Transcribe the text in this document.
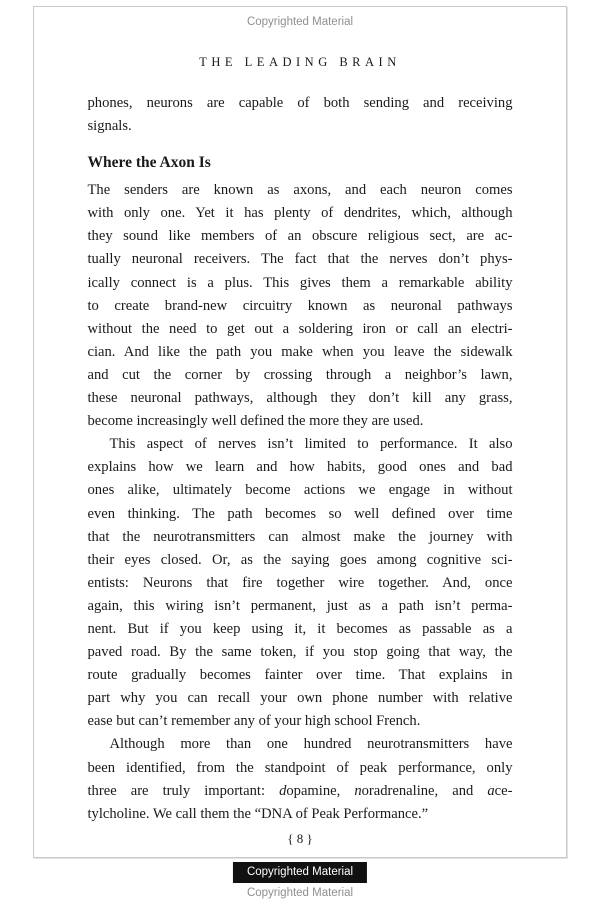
Copyrighted Material
THE LEADING BRAIN
phones, neurons are capable of both sending and receiving
signals.
Where the Axon Is
The senders are known as axons, and each neuron comes
with only one. Yet it has plenty of dendrites, which, although
they sound like members of an obscure religious sect, are ac-
tually neuronal receivers. The fact that the nerves don’t phys-
ically connect is a plus. This gives them a remarkable ability
to create brand-new circuitry known as neuronal pathways
without the need to get out a soldering iron or call an electri-
cian. And like the path you make when you leave the sidewalk
and cut the corner by crossing through a neighbor’s lawn,
these neuronal pathways, although they don’t kill any grass,
become increasingly well defined the more they are used.
This aspect of nerves isn’t limited to performance. It also
explains how we learn and how habits, good ones and bad
ones alike, ultimately become actions we engage in without
even thinking. The path becomes so well defined over time
that the neurotransmitters can almost make the journey with
their eyes closed. Or, as the saying goes among cognitive sci-
entists: Neurons that fire together wire together. And, once
again, this wiring isn’t permanent, just as a path isn’t perma-
nent. But if you keep using it, it becomes as passable as a
paved road. By the same token, if you stop going that way, the
route gradually becomes fainter over time. That explains in
part why you can recall your own phone number with relative
ease but can’t remember any of your high school French.
Although more than one hundred neurotransmitters have
been identified, from the standpoint of peak performance, only
three are truly important: dopamine, noradrenaline, and ace-
tylcholine. We call them the “DNA of Peak Performance.”
{ 8 }
Copyrighted Material
Copyrighted Material
